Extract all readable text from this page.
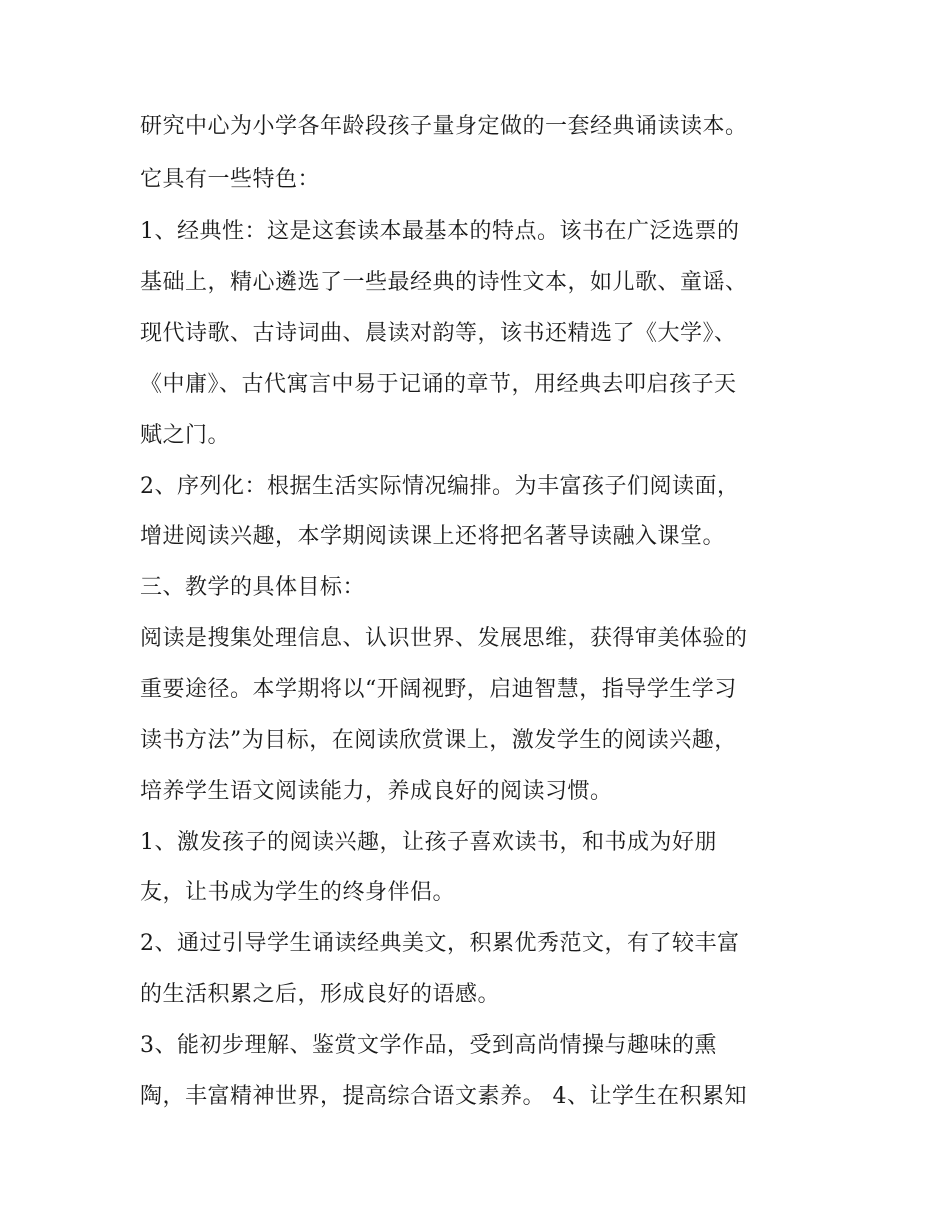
研究中心为小学各年龄段孩子量身定做的一套经典诵读读本。
它具有一些特色：
1、经典性：这是这套读本最基本的特点。该书在广泛选票的
基础上，精心遴选了一些最经典的诗性文本，如儿歌、童谣、
现代诗歌、古诗词曲、晨读对韵等，该书还精选了《大学》、
《中庸》、古代寓言中易于记诵的章节，用经典去叩启孩子天
赋之门。
2、序列化：根据生活实际情况编排。为丰富孩子们阅读面，
增进阅读兴趣，本学期阅读课上还将把名著导读融入课堂。
三、教学的具体目标：
阅读是搜集处理信息、认识世界、发展思维，获得审美体验的
重要途径。本学期将以“开阔视野，启迪智慧，指导学生学习
读书方法”为目标，在阅读欣赏课上，激发学生的阅读兴趣，
培养学生语文阅读能力，养成良好的阅读习惯。
1、激发孩子的阅读兴趣，让孩子喜欢读书，和书成为好朋
友，让书成为学生的终身伴侣。
2、通过引导学生诵读经典美文，积累优秀范文，有了较丰富
的生活积累之后，形成良好的语感。
3、能初步理解、鉴赏文学作品，受到高尚情操与趣味的熏
陶，丰富精神世界，提高综合语文素养。 4、让学生在积累知
